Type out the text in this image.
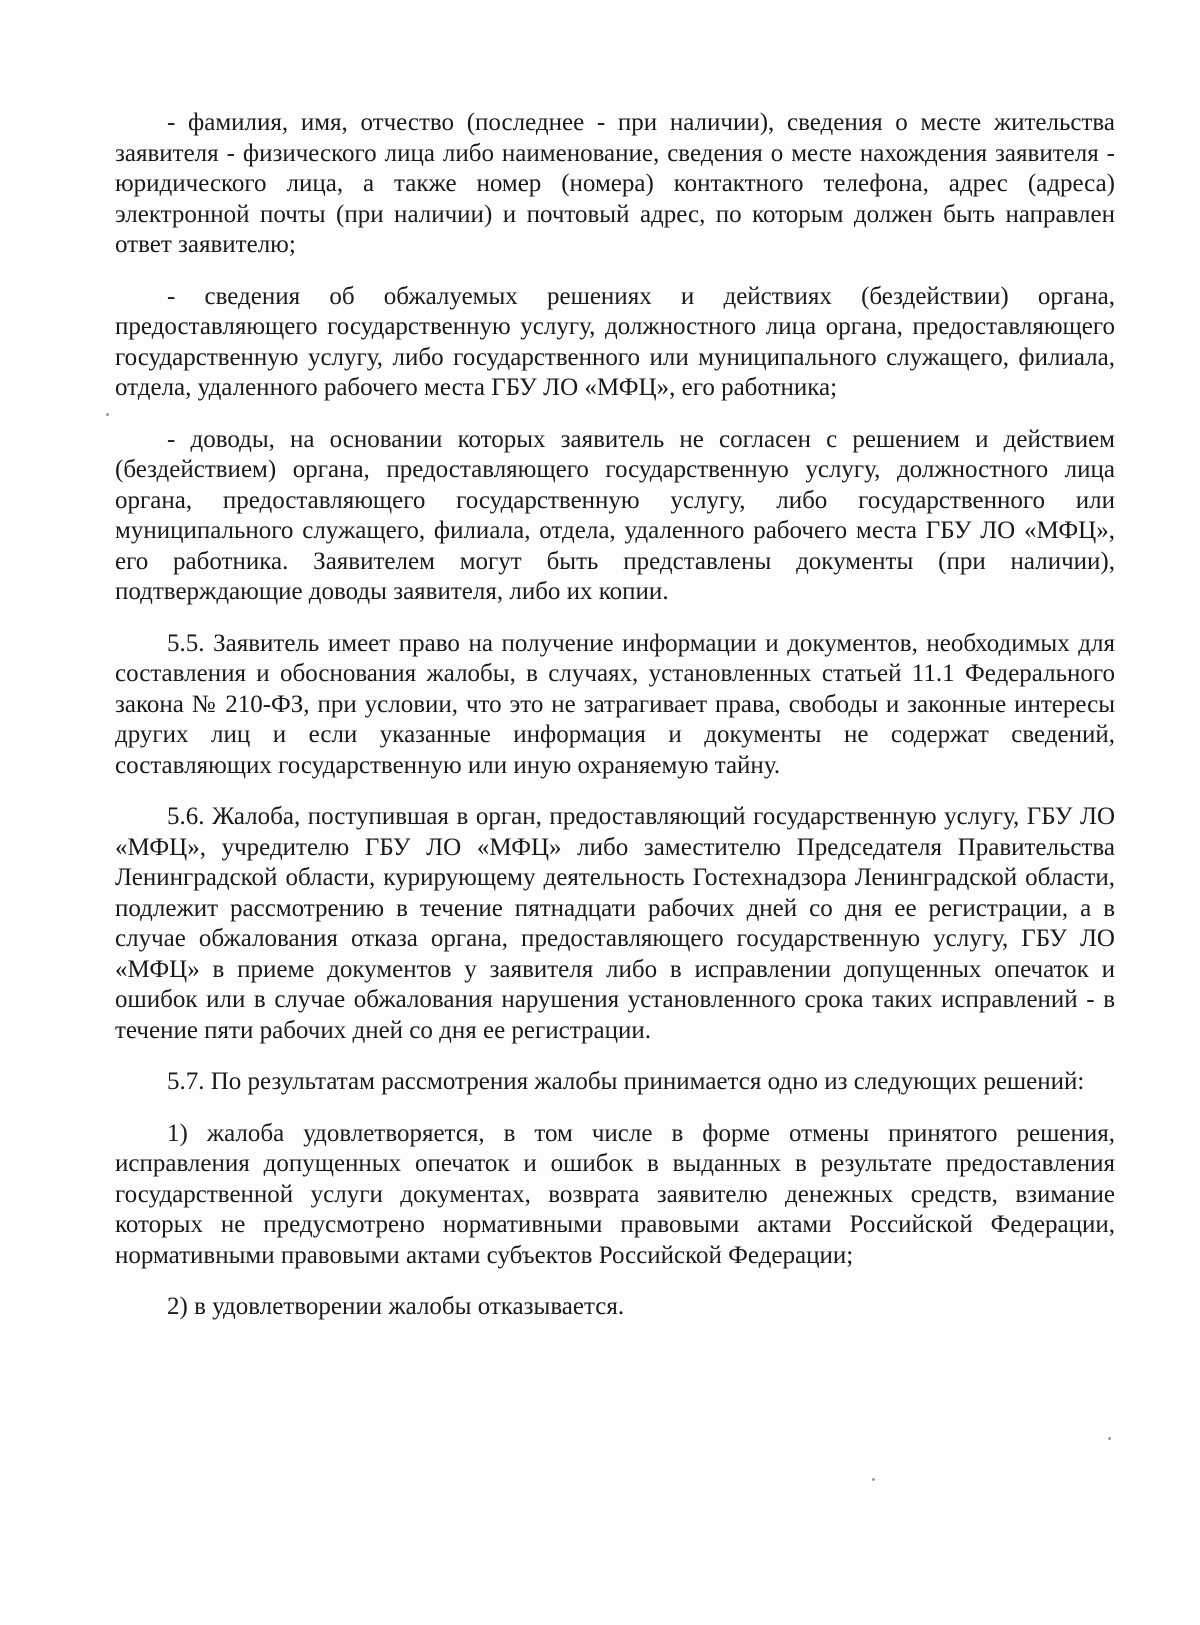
- фамилия, имя, отчество (последнее - при наличии), сведения о месте жительства заявителя - физического лица либо наименование, сведения о месте нахождения заявителя - юридического лица, а также номер (номера) контактного телефона, адрес (адреса) электронной почты (при наличии) и почтовый адрес, по которым должен быть направлен ответ заявителю;

- сведения об обжалуемых решениях и действиях (бездействии) органа, предоставляющего государственную услугу, должностного лица органа, предоставляющего государственную услугу, либо государственного или муниципального служащего, филиала, отдела, удаленного рабочего места ГБУ ЛО «МФЦ», его работника;

- доводы, на основании которых заявитель не согласен с решением и действием (бездействием) органа, предоставляющего государственную услугу, должностного лица органа, предоставляющего государственную услугу, либо государственного или муниципального служащего, филиала, отдела, удаленного рабочего места ГБУ ЛО «МФЦ», его работника. Заявителем могут быть представлены документы (при наличии), подтверждающие доводы заявителя, либо их копии.

5.5. Заявитель имеет право на получение информации и документов, необходимых для составления и обоснования жалобы, в случаях, установленных статьей 11.1 Федерального закона № 210-ФЗ, при условии, что это не затрагивает права, свободы и законные интересы других лиц и если указанные информация и документы не содержат сведений, составляющих государственную или иную охраняемую тайну.

5.6. Жалоба, поступившая в орган, предоставляющий государственную услугу, ГБУ ЛО «МФЦ», учредителю ГБУ ЛО «МФЦ» либо заместителю Председателя Правительства Ленинградской области, курирующему деятельность Гостехнадзора Ленинградской области, подлежит рассмотрению в течение пятнадцати рабочих дней со дня ее регистрации, а в случае обжалования отказа органа, предоставляющего государственную услугу, ГБУ ЛО «МФЦ» в приеме документов у заявителя либо в исправлении допущенных опечаток и ошибок или в случае обжалования нарушения установленного срока таких исправлений - в течение пяти рабочих дней со дня ее регистрации.

5.7. По результатам рассмотрения жалобы принимается одно из следующих решений:

1) жалоба удовлетворяется, в том числе в форме отмены принятого решения, исправления допущенных опечаток и ошибок в выданных в результате предоставления государственной услуги документах, возврата заявителю денежных средств, взимание которых не предусмотрено нормативными правовыми актами Российской Федерации, нормативными правовыми актами субъектов Российской Федерации;

2) в удовлетворении жалобы отказывается.
